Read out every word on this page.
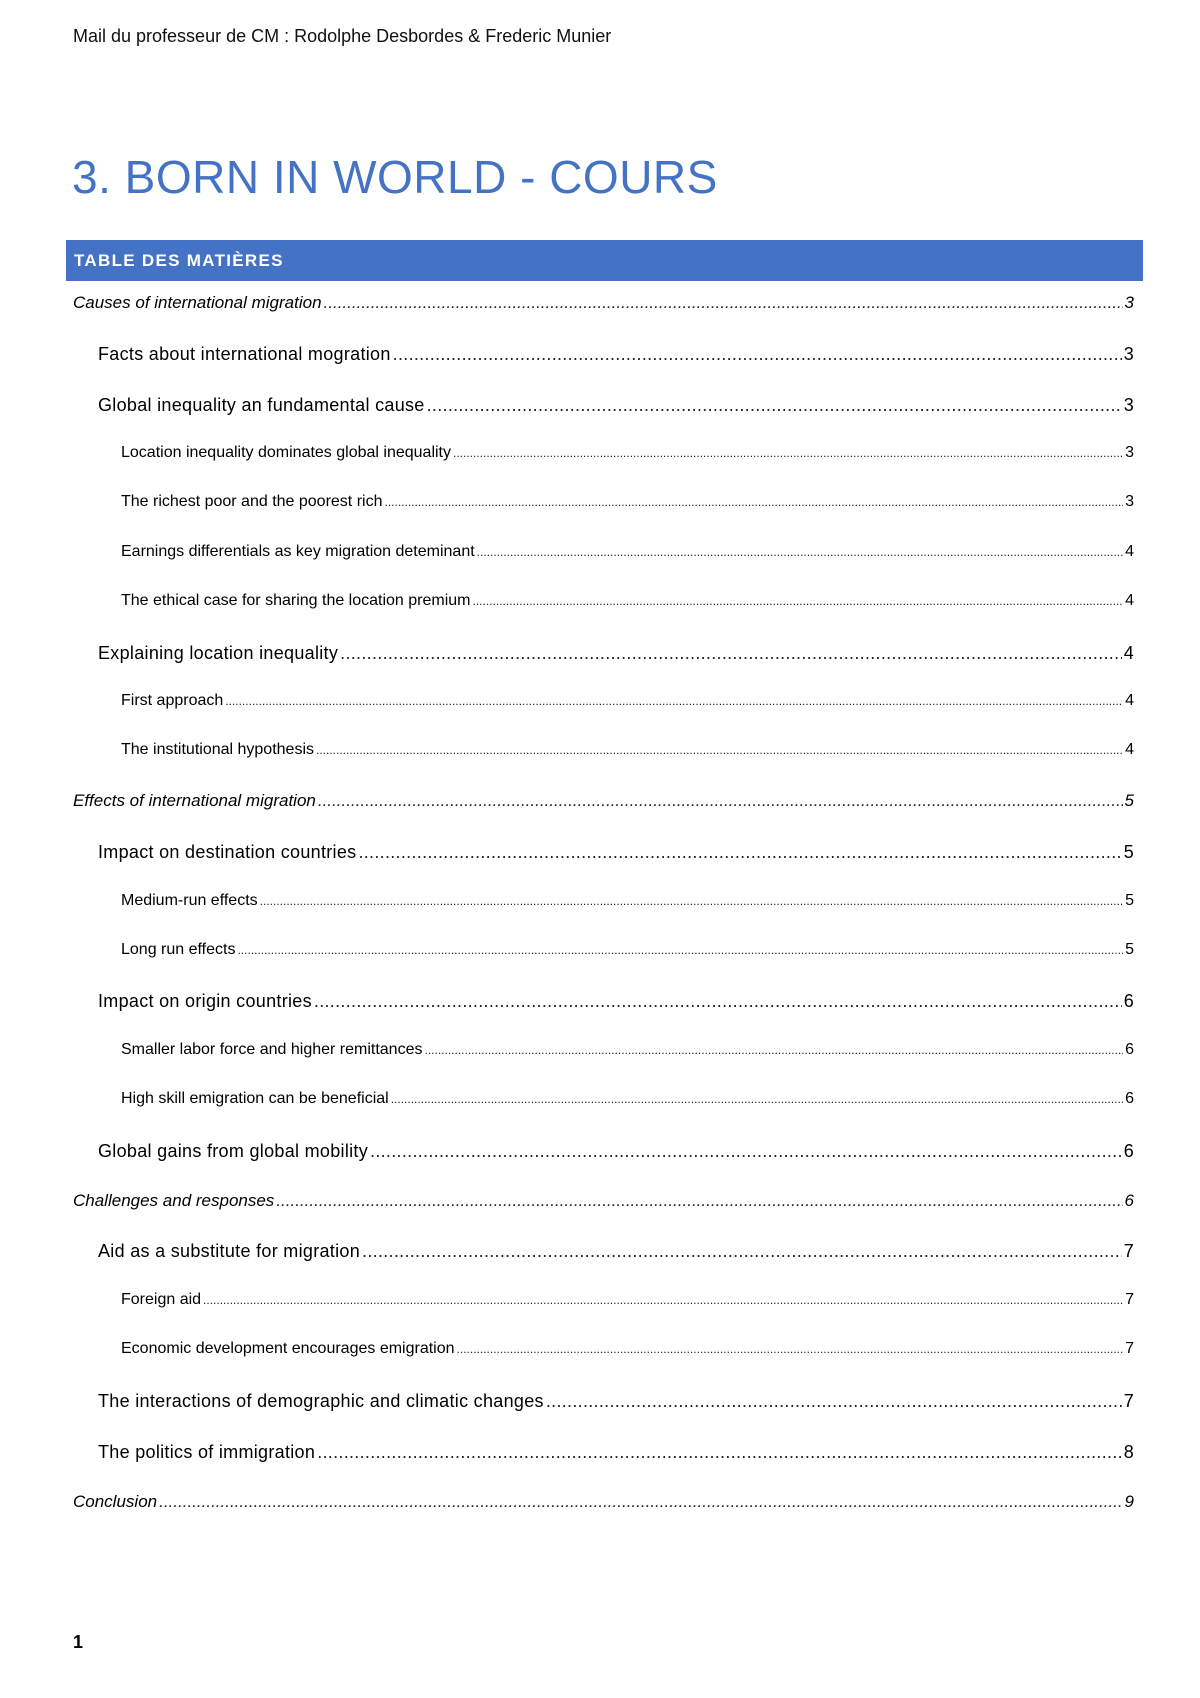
Mail du professeur de CM : Rodolphe Desbordes & Frederic Munier
3. BORN IN WORLD - COURS
TABLE DES MATIÈRES
Causes of international migration .....	3
Facts about international mogration .....	3
Global inequality an fundamental cause .....	3
Location inequality dominates global inequality .....	3
The richest poor and the poorest rich .....	3
Earnings differentials as key migration deteminant .....	4
The ethical case for sharing the location premium .....	4
Explaining location inequality .....	4
First approach .....	4
The institutional hypothesis .....	4
Effects of international migration .....	5
Impact on destination countries .....	5
Medium-run effects .....	5
Long run effects .....	5
Impact on origin countries .....	6
Smaller labor force and higher remittances .....	6
High skill emigration can be beneficial .....	6
Global gains from global mobility .....	6
Challenges and responses .....	6
Aid as a substitute for migration .....	7
Foreign aid .....	7
Economic development encourages emigration .....	7
The interactions of demographic and climatic changes .....	7
The politics of immigration .....	8
Conclusion .....	9
1
